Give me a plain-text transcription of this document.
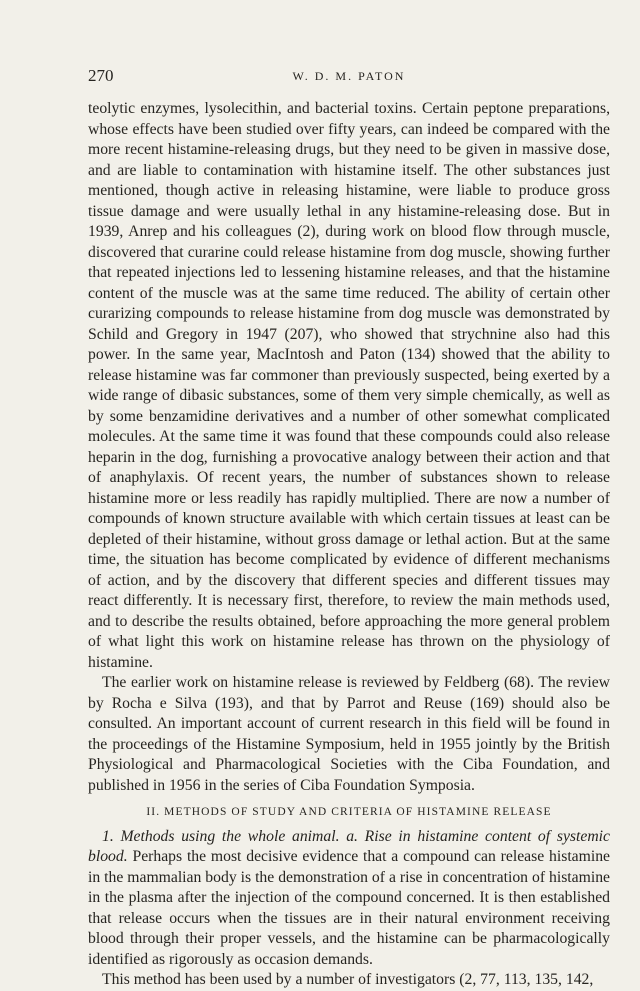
270	W. D. M. PATON

teolytic enzymes, lysolecithin, and bacterial toxins. Certain peptone preparations, whose effects have been studied over fifty years, can indeed be compared with the more recent histamine-releasing drugs, but they need to be given in massive dose, and are liable to contamination with histamine itself. The other substances just mentioned, though active in releasing histamine, were liable to produce gross tissue damage and were usually lethal in any histamine-releasing dose. But in 1939, Anrep and his colleagues (2), during work on blood flow through muscle, discovered that curarine could release histamine from dog muscle, showing further that repeated injections led to lessening histamine releases, and that the histamine content of the muscle was at the same time reduced. The ability of certain other curarizing compounds to release histamine from dog muscle was demonstrated by Schild and Gregory in 1947 (207), who showed that strychnine also had this power. In the same year, MacIntosh and Paton (134) showed that the ability to release histamine was far commoner than previously suspected, being exerted by a wide range of dibasic substances, some of them very simple chemically, as well as by some benzamidine derivatives and a number of other somewhat complicated molecules. At the same time it was found that these compounds could also release heparin in the dog, furnishing a provocative analogy between their action and that of anaphylaxis. Of recent years, the number of substances shown to release histamine more or less readily has rapidly multiplied. There are now a number of compounds of known structure available with which certain tissues at least can be depleted of their histamine, without gross damage or lethal action. But at the same time, the situation has become complicated by evidence of different mechanisms of action, and by the discovery that different species and different tissues may react differently. It is necessary first, therefore, to review the main methods used, and to describe the results obtained, before approaching the more general problem of what light this work on histamine release has thrown on the physiology of histamine.

The earlier work on histamine release is reviewed by Feldberg (68). The review by Rocha e Silva (193), and that by Parrot and Reuse (169) should also be consulted. An important account of current research in this field will be found in the proceedings of the Histamine Symposium, held in 1955 jointly by the British Physiological and Pharmacological Societies with the Ciba Foundation, and published in 1956 in the series of Ciba Foundation Symposia.

II. METHODS OF STUDY AND CRITERIA OF HISTAMINE RELEASE

1. Methods using the whole animal. a. Rise in histamine content of systemic blood. Perhaps the most decisive evidence that a compound can release histamine in the mammalian body is the demonstration of a rise in concentration of histamine in the plasma after the injection of the compound concerned. It is then established that release occurs when the tissues are in their natural environment receiving blood through their proper vessels, and the histamine can be pharmacologically identified as rigorously as occasion demands.

This method has been used by a number of investigators (2, 77, 113, 135, 142,
